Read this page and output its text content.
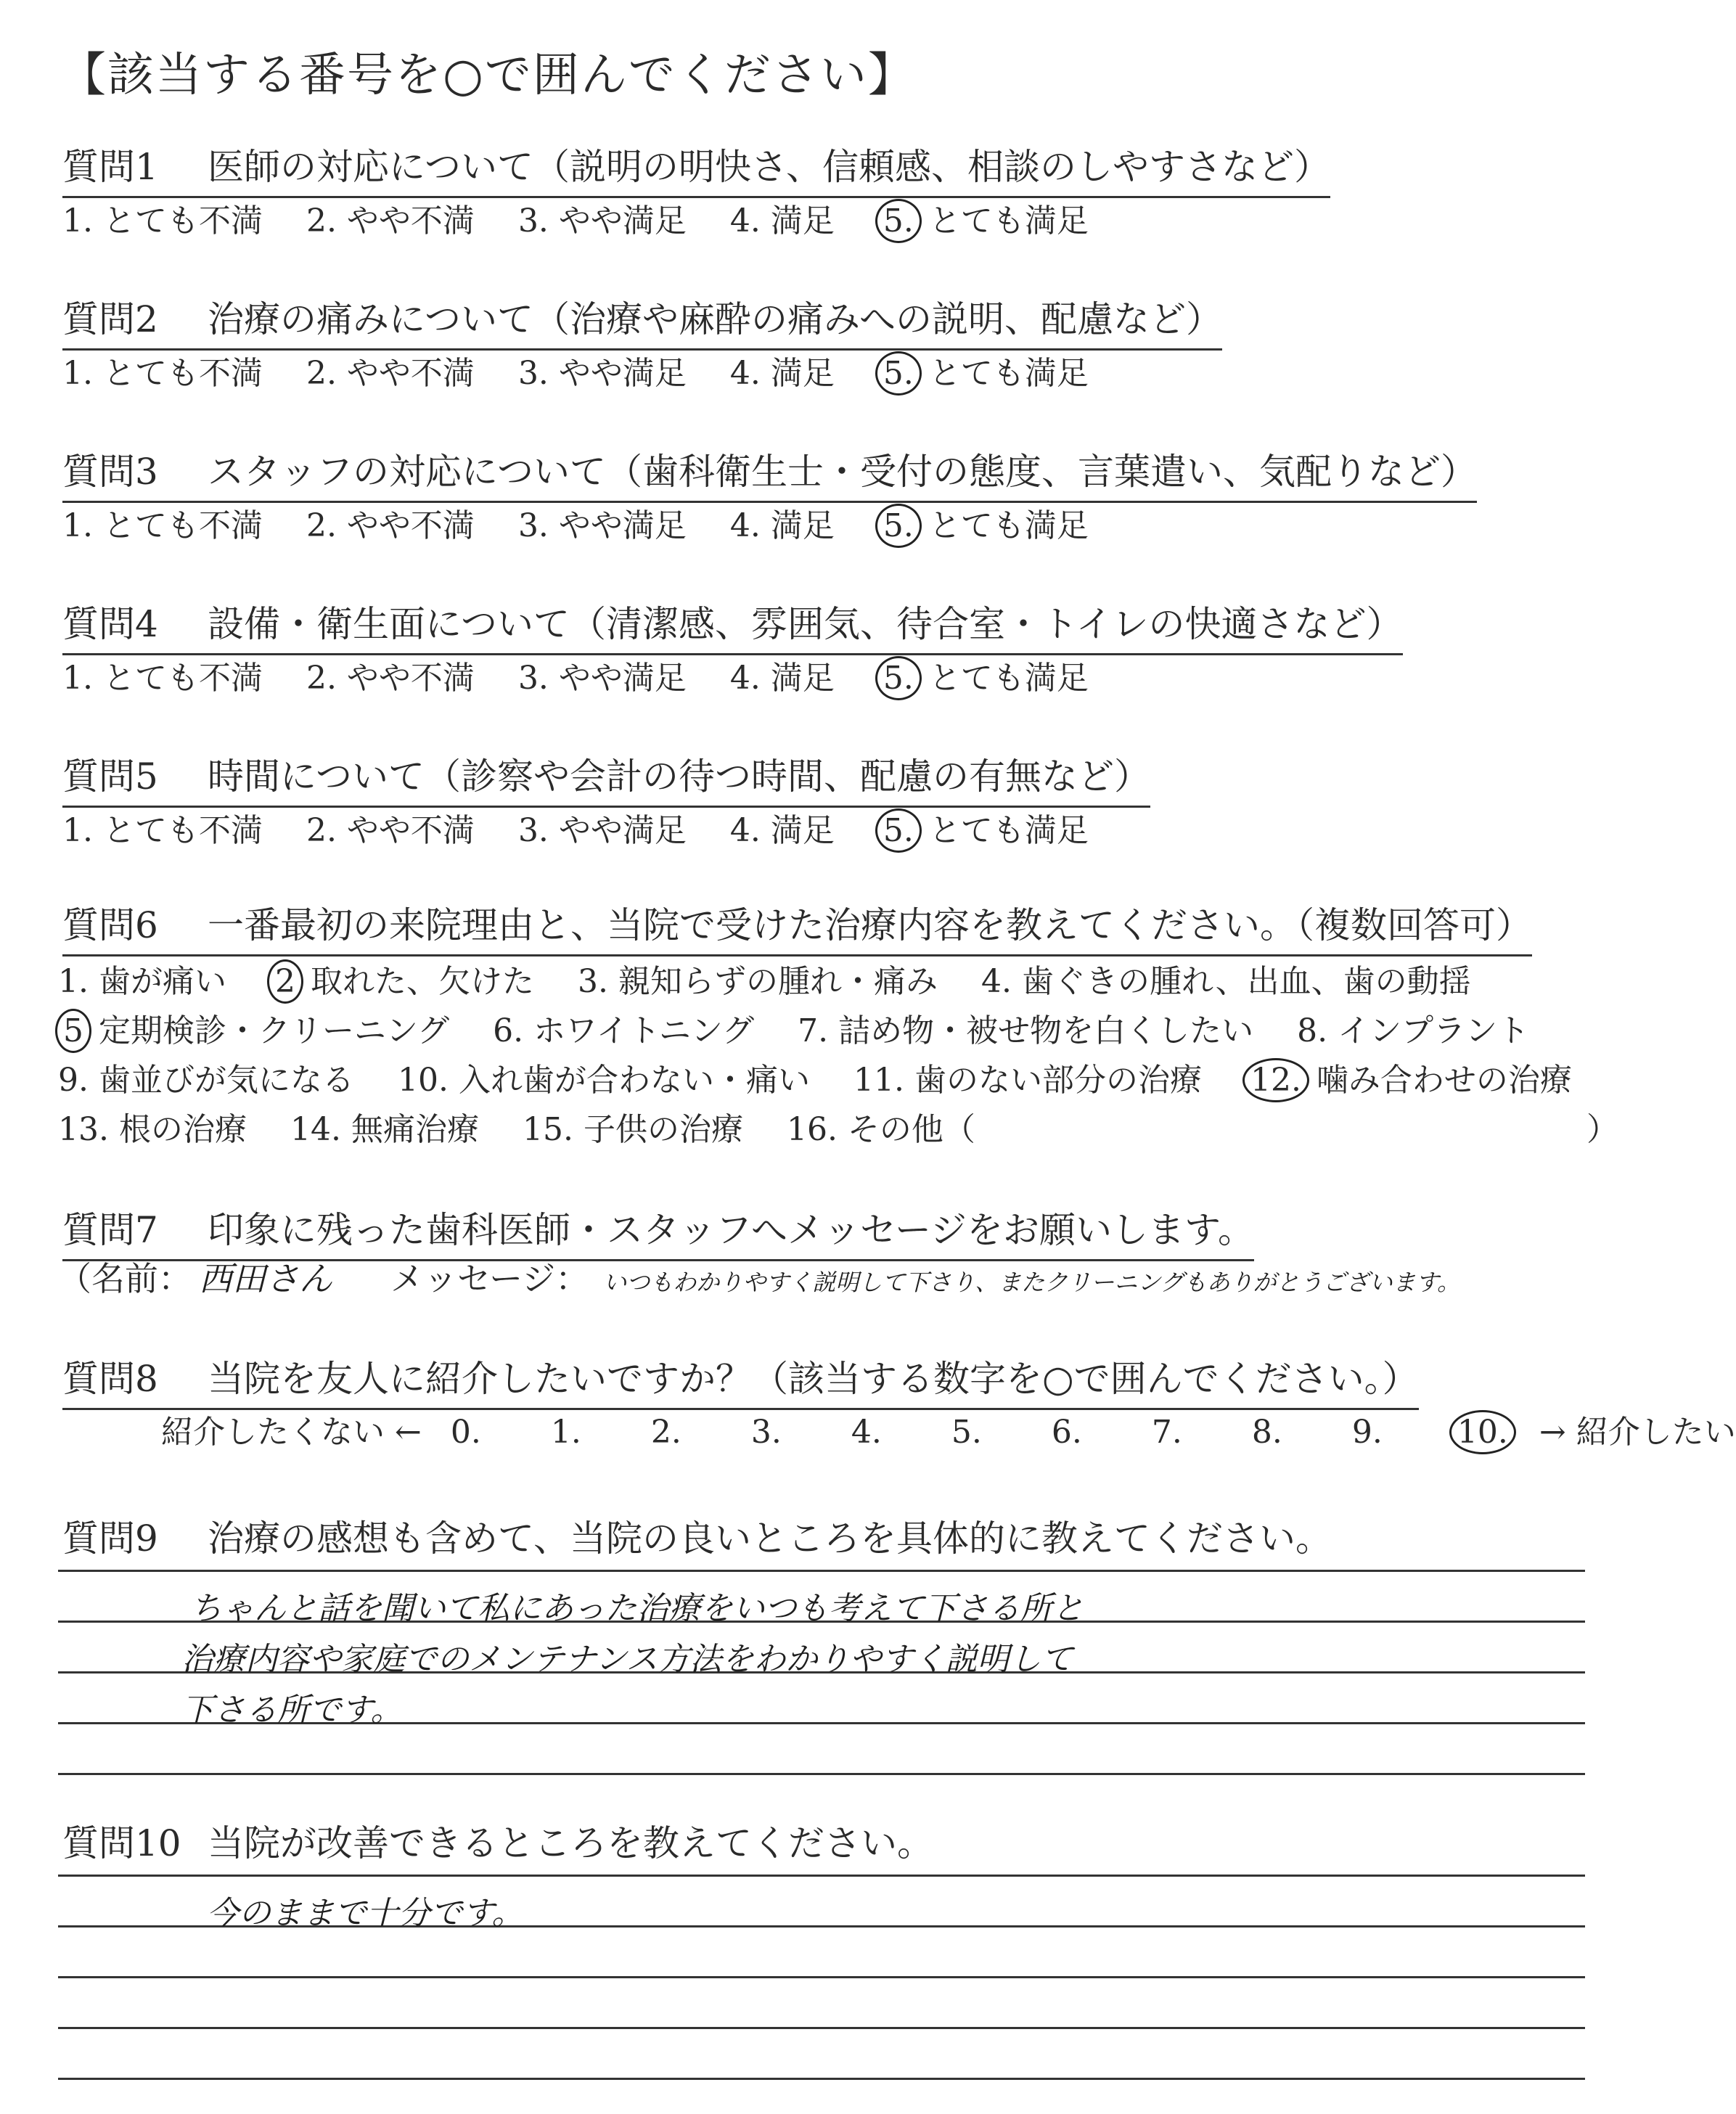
【該当する番号を○で囲んでください】
質問1 医師の対応について（説明の明快さ、信頼感、相談のしやすさなど）
1. とても不満 2. やや不満 3. やや満足 4. 満足 5. とても満足
質問2 治療の痛みについて（治療や麻酔の痛みへの説明、配慮など）
1. とても不満 2. やや不満 3. やや満足 4. 満足 5. とても満足
質問3 スタッフの対応について（歯科衛生士・受付の態度、言葉遣い、気配りなど）
1. とても不満 2. やや不満 3. やや満足 4. 満足 5. とても満足
質問4 設備・衛生面について（清潔感、雰囲気、待合室・トイレの快適さなど）
1. とても不満 2. やや不満 3. やや満足 4. 満足 5. とても満足
質問5 時間について（診察や会計の待つ時間、配慮の有無など）
1. とても不満 2. やや不満 3. やや満足 4. 満足 5. とても満足
質問6 一番最初の来院理由と、当院で受けた治療内容を教えてください。（複数回答可）
1. 歯が痛い 2 取れた、欠けた 3. 親知らずの腫れ・痛み 4. 歯ぐきの腫れ、出血、歯の動揺
5 定期検診・クリーニング 6. ホワイトニング 7. 詰め物・被せ物を白くしたい 8. インプラント
9. 歯並びが気になる 10. 入れ歯が合わない・痛い 11. 歯のない部分の治療 12. 噛み合わせの治療
13. 根の治療 14. 無痛治療 15. 子供の治療 16. その他（	）
質問7 印象に残った歯科医師・スタッフへメッセージをお願いします。
（名前： 西田さん メッセージ： いつもわかりやすく説明して下さり、またクリーニングもありがとうございます。
質問8 当院を友人に紹介したいですか？（該当する数字を○で囲んでください。）
紹介したくない ← 0. 1. 2. 3. 4. 5. 6. 7. 8. 9. 10. → 紹介したい
質問9 治療の感想も含めて、当院の良いところを具体的に教えてください。
ちゃんと話を聞いて私にあった治療をいつも考えて下さる所と
治療内容や家庭でのメンテナンス方法をわかりやすく説明して
下さる所です。
質問10 当院が改善できるところを教えてください。
今のままで十分です。
